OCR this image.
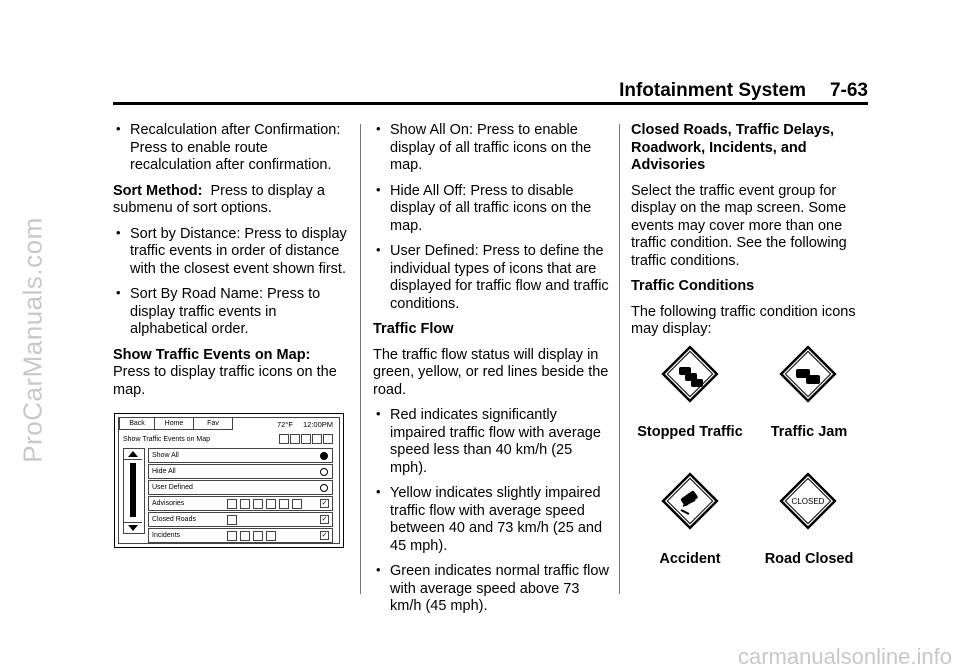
ProCarManuals.com
carmanualsonline.info
Infotainment System 7-63
• Recalculation after Confirmation: Press to enable route recalculation after confirmation.

Sort Method: Press to display a submenu of sort options.

• Sort by Distance: Press to display traffic events in order of distance with the closest event shown first.
• Sort By Road Name: Press to display traffic events in alphabetical order.

Show Traffic Events on Map:
Press to display traffic icons on the map.

Back	Home	Fav	72°F 12:00PM
Show Traffic Events on Map
Show All
Hide All
User Defined
Advisories	✓
Closed Roads	✓
Incidents	✓
• Show All On: Press to enable display of all traffic icons on the map.
• Hide All Off: Press to disable display of all traffic icons on the map.
• User Defined: Press to define the individual types of icons that are displayed for traffic flow and traffic conditions.

Traffic Flow

The traffic flow status will display in green, yellow, or red lines beside the road.

• Red indicates significantly impaired traffic flow with average speed less than 40 km/h (25 mph).
• Yellow indicates slightly impaired traffic flow with average speed between 40 and 73 km/h (25 and 45 mph).
• Green indicates normal traffic flow with average speed above 73 km/h (45 mph).

Closed Roads, Traffic Delays, Roadwork, Incidents, and Advisories

Select the traffic event group for display on the map screen. Some events may cover more than one traffic condition. See the following traffic conditions.

Traffic Conditions

The following traffic condition icons may display:

Stopped Traffic	Traffic Jam
CLOSED
Accident	Road Closed
